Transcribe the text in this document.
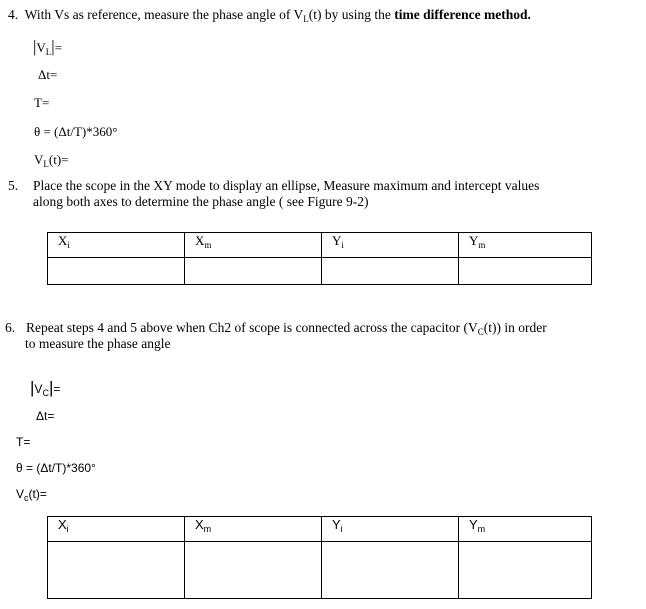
4. With Vs as reference, measure the phase angle of $V_L(t)$ by using the time difference method.
$|V_L|=$
Δt=
T=
θ = (Δt/T)*360°
$V_L(t)=$
5. Place the scope in the XY mode to display an ellipse, Measure maximum and intercept values
along both axes to determine the phase angle ( see Figure 9-2)
$X_i$	$X_m$	$Y_i$	$Y_m$

6. Repeat steps 4 and 5 above when Ch2 of scope is connected across the capacitor $(V_C(t))$ in order
to measure the phase angle
$|V_C|=$
Δt=
T=
θ = (Δt/T)*360°
$V_c(t)=$
$X_i$	$X_m$	$Y_i$	$Y_m$
